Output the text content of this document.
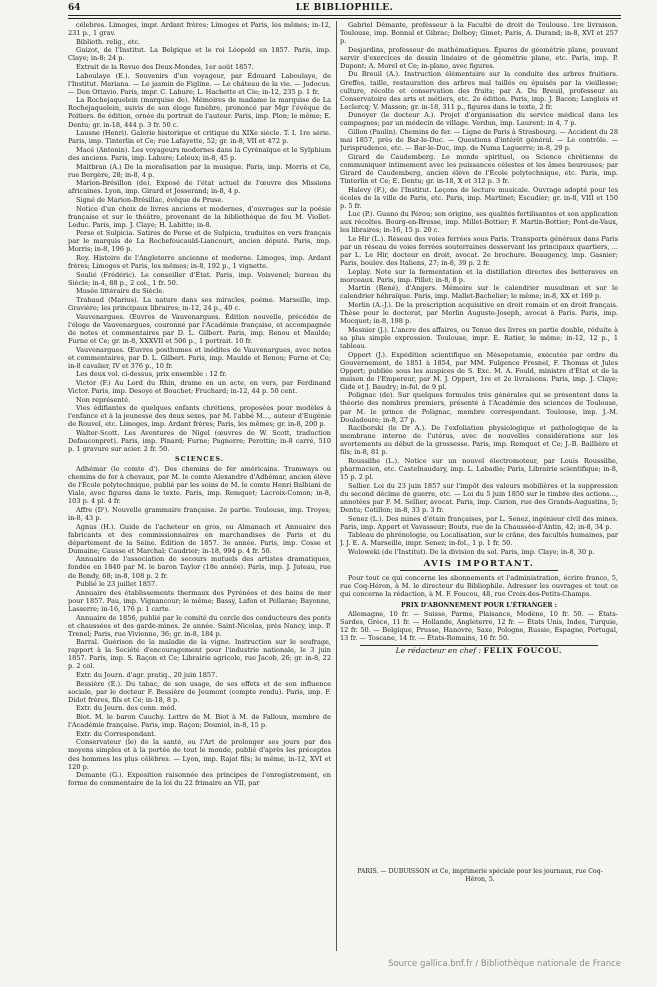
64	LE BIBLIOPHILE.
célebres. Limoges, impr. Ardant frères; Limoges et Paris, les mêmes; in-12, 231 p., 1 grav.
Biblioth. relig., etc.
Guizot, de l'Institut. La Belgique et le roi Léopold en 1857. Paris, imp. Claye; in-8; 24 p.
Extrait de la Revue des Deux-Mondes, 1er août 1857.
Laboulaye (E.). Souvenirs d'un voyageur, par Édouard Laboulaye, de l'Institut. Mariana. — Le jasmin de Figline. — Le château de la vie. — Jodocus. — Don Ottavio. Paris, impr. C. Lahure; L. Hachette et Cie; in-12, 235 p. 1 fr.
La Rochejaquelein (marquise de). Mémoires de madame la marquise de La Rochejaquelein, suivis de son éloge funèbre, prononcé par Mgr l'évêque de Poitiers. 8e édition, ornée du portrait de l'auteur. Paris, imp. Plon; le même; E. Dentu; gr. in-18, 444 p. 3 fr. 50 c.
Lausne (Henri). Galerie historique et critique du XIXe siècle. T. I. 1re série. Paris, imp. Tinterlin et Ce; rue Lafayette, 52; gr. in-8, VII et 472 p.
Macé (Antonin). Les voyageurs modernes dans la Cyrénaïque et le Sylphium des anciens. Paris, imp. Lahure; Leleux; in-8, 45 p.
Maitbran (A.) De la moralisation par la musique. Paris, imp. Morris et Ce, rue Bergère, 28; in-8, 4 p.
Marion-Brésillon (de). Exposé de l'état actuel de l'œuvre des Missions africaines. Lyon, imp. Girard et Josserand; in-8, 4 p.
Signé de Marion-Brésillac, évêque de Pruse.
Notice d'un choix de livres anciens et modernes, d'ouvrages sur la poésie française et sur le théâtre, provenant de la bibliothèque de feu M. Viollet-Leduc. Paris, imp. J. Claye; H. Labitte; in-8.
Perse et Sulpicia. Satires de Perse et de Sulpicia, traduites en vers français par le marquis de La Rochefoucauld-Liancourt, ancien député. Paris, imp. Morris; in-8, 196 p.
Roy. Histoire de l'Angleterre ancienne et moderne. Limoges, imp. Ardant frères; Limoges et Paris, les mêmes; in-8, 192 p., 1 vignette.
Soulié (Frédéric). Le conseiller d'État. Paris, imp. Voisvenel; bureau du Siècle; in-4, 88 p., 2 col., 1 fr. 50.
Musée littéraire du Siècle.
Trabaud (Marius). La nature dans ses miracles, poème. Marseille, imp. Gravière; les principaux libraires; in-12, 24 p., 40 c.
Vauvenargues. Œuvres de Vauvenargues. Édition nouvelle, précédée de l'éloge de Vauvenargues, couronné par l'Académie française, et accompagnée de notes et commentaires par D. L. Gilbert. Paris, imp. Renou et Maulde; Furne et Ce; gr. in-8, XXXVII et 506 p., 1 portrait. 10 fr.
Vauvenargues. Œuvres posthumes et inédites de Vauvenargues, avec notes et commentaires, par D. L. Gilbert. Paris, imp. Maulde et Renou; Furne et Ce; in-8 cavalier, IV et 376 p., 10 fr.
Les deux vol. ci-dessus, prix ensemble : 12 fr.
Victor (F.) Au Lord du Rhin, drame en un acte, en vers, par Ferdinand Victor. Paris, imp. Desoye et Bouchet; Fruchard; in-12, 44 p. 50 cent.
Non représenté.
Vies édifiantes de quelques enfants chrétiens, proposées pour modèles à l'enfance et à la jeunesse des deux sexes, par M. l'abbé M..., auteur d'Eugénie de Rouvel, etc. Limoges, imp. Ardant frères; Paris, les mêmes; gr. in-8, 200 p.
Walter-Scott. Les Aventures de Nigel (œuvres de W. Scott, traduction Defauconpret). Paris, imp. Pinard; Furne; Pagnerre; Perottin; in-8 carré, 510 p. 1 gravure sur acier. 2 fr. 50.
SCIENCES.
Adhémar (le comte d'). Des chemins de fer américains. Tramways ou chemins de fer à chevaux, par M. le comte Alexandre d'Adhémar, ancien élève de l'École polytechnique, publié par les soins de M. le comte Henri Balbiani de Viale, avec figures dans le texte. Paris, imp. Remquet; Lacroix-Comon; in-8, 103 p. 4 pl. 4 fr.
Affre (D'). Nouvelle grammaire française. 2e partie. Toulouse, imp. Troyes; in-8, 43 p.
Agnus (H.). Guide de l'acheteur en gros, ou Almanach et Annuaire des fabricants et des commissionnaires en marchandises de Paris et du département de la Seine. Édition de 1857. 3e année. Paris, imp. Cosse et Dumaine; Causse et Marchal; Caudrier; in-18, 994 p. 4 fr. 50.
Annuaire de l'association de secours mutuels des artistes dramatiques, fondée en 1840 par M. le baron Taylor (18e année). Paris, imp. J. Juteau, rue de Bondy, 68; in-8, 108 p. 2 fr.
Publié le 23 juillet 1857.
Annuaire des établissements thermaux des Pyrénées et des bains de mer pour 1857. Pau, imp. Vignancour; le même; Bassy, Lafon et Pellarae; Bayonne, Lasserre; in-16, 176 p. 1 carte.
Annuaire de 1856, publié par le comité du cercle des conducteurs des ponts et chaussées et des garde-mines. 2e année. Saint-Nicolas, près Nancy, imp. P. Trenel; Paris, rue Vivienne, 36; gr. in-8, 184 p.
Barral. Guérison de la maladie de la vigne. Instruction sur le soufrage, rapport à la Société d'encouragement pour l'industrie nationale, le 3 juin 1857. Paris, imp. S. Raçon et Ce; Librairie agricole, rue Jacob, 26; gr. in-8, 22 p. 2 col.
Extr. du Journ. d'agr. pratiq., 20 juin 1857.
Bessière (E.). Du tabac, de son usage, de ses effets et de son influence sociale, par le docteur F. Bessière de Jeumont (compte rendu). Paris, imp. F. Didot frères, fils et Ce; in-18, 8 p.
Extr. du Journ. des conn. méd.
Biot. M. le baron Cauchy. Lettre de M. Biot à M. de Falloux, membre de l'Académie française. Paris, imp. Raçon; Douniol, in-8, 15 p.
Extr. du Correspondant.
Conservateur (le) de la santé, ou l'Art de prolonger ses jours par des moyens simples et à la portée de tout le monde, publié d'après les préceptes des hommes les plus célèbres. — Lyon, imp. Rajat fils; le même, in-12, XVI et 120 p.
Demante (G.). Exposition raisonnée des principes de l'enregistrement, en forme de commentaire de la loi du 22 frimaire an VII, par
Gabriel Démante, professeur à la Faculté de droit de Toulouse. 1re livraison. Toulouse, imp. Bonnal et Gibrac; Delboy; Gimet; Paris, A. Durand; in-8, XVI et 257 p.
Desjardins, professeur de mathématiques. Épures de géométrie plane, pouvant servir d'exercices de dessin linéaire et de géométrie plane, etc. Paris, imp. P. Dupont; A. Morel et Ce; in-plano, avec figures.
Du Breuil (A.). Instruction élémentaire sur la conduite des arbres fruitiers. Greffes, taille, restauration des arbres mal taillés ou épuisés par la vieillesse; culture, récolte et conservation des fruits; par A. Du Breuil, professeur au Conservatoire des arts et métiers, etc. 2e édition. Paris, imp. J. Bacon; Langlois et Leclercq; V. Masson; gr. in-18, 311 p., figures dans le texte, 2 fr.
Dunoyer (le docteur A.). Projet d'organisation du service médical dans les campagnes; par un médecin de village. Verdun, imp. Laurent; in 4, 7 p.
Gillon (Paulin). Chemins de fer. — Ligne de Paris à Strasbourg. — Accident du 28 mai 1857, près de Bar-le-Duc. — Questions d'intérêt général. — Le contrôle. — Jurisprudence, etc. — Bar-le-Duc, imp. de Numa Laguerre; in-8, 29 p.
Girard de Caudemberg. Le monde spirituel, ou Science chrétienne de communiquer intimement avec les puissances célestes et les âmes heureuses; par Girard de Caudemberg, ancien élève de l'École polytechnique, etc. Paris, imp. Tinterlin et Ce; E. Dentu; gr. in-18, X et 312 p. 3 fr.
Halevy (F.), de l'Institut. Leçons de lecture musicale. Ouvrage adopté pour les écoles de la ville de Paris, etc. Paris, imp. Martinet; Escudier; gr. in-8, VIII et 150 p. 5 fr.
Luc (P.). Guano du Pérou; son origine, ses qualités fertilisantes et son application aux récoltes. Bourg-en-Bresse, imp. Millet-Bottier; F. Martin-Bottier; Pont-de-Vaux, les libraires; in-16, 15 p. 20 c.
Le Hir (L.). Réseau des voies ferrées sous Paris. Transports généraux dans Paris par un réseau de voies ferrées souterraines desservant les principaux quartiers, ... par L. Le Hir, docteur en droit, avocat. 2e brochure. Beaugency, imp. Gasnier; Paris, boulev. des Italiens, 27; in-8, 39 p. 2 fr.
Leplay. Note sur la fermentation et la distillation directes des betteraves en morceaux. Paris, imp. Pillet; in-8, 8 p.
Martin (René), d'Angers. Mémoire sur le calendrier musulman et sur le calendrier hébraïque. Paris, imp. Mallet-Bachelier; le même; in-8, XX et 169 p.
Merlin (A.-J.). De la prescription acquisitive en droit romain et en droit français. Thèse pour le doctorat, par Merlin Auguste-Joseph, avocat à Paris. Paris, imp. Mocquet; in-8, 198 p.
Mesnier (J.). L'ancre des affaires, ou Tenue des livres en partie double, réduite à sa plus simple expression. Toulouse, impr. E. Ratier, le même; in-12, 12 p., 1 tableau.
Oppert (J.). Expédition scientifique en Mésopotamie, exécutée par ordre du Gouvernement, de 1851 à 1854, par MM. Fulgence Fresnel, F. Thomas et Jules Oppert; publiée sous les auspices de S. Exc. M. A. Fould, ministre d'État et de la maison de l'Empereur, par M. J. Oppert, 1re et 2e livraisons. Paris, imp. J. Claye; Gide et J. Baudry; in-fol. de 9 pl.
Polignac (de). Sur quelques formules très générales qui se présentent dans la théorie des nombres premiers, présenté à l'Académie des sciences de Toulouse, par M. le prince de Polignac, membre correspondant. Toulouse, imp. J.-M. Douladoure; in-8, 27 p.
Raciborski (le Dr A.). De l'exfoliation physiologique et pathologique de la membrane interne de l'utérus, avec de nouvelles considérations sur les avortements au début de la grossesse. Paris, imp. Remquet et Ce; J.-B. Baillière et fils; in-8, 81 p.
Roussilhe (L.). Notice sur un nouvel électromoteur, par Louis Roussilhe, pharmacien, etc. Castelnaudary, imp. L. Labadie; Paris, Librairie scientifique; in-8, 15 p. 2 pl.
Sellier. Loi du 23 juin 1857 sur l'impôt des valeurs mobilières et la suppression du second décime de guerre, etc. — Loi du 5 juin 1850 sur le timbre des actions..., annotées par F. M. Sellier, avocat. Paris, imp. Carion, rue des Grands-Augustins, 5; Dentu; Cotillon; in-8, 33 p. 3 fr.
Senez (L.). Des mines d'étain françaises, par L. Senez, ingénieur civil des mines. Paris, imp. Appert et Vavasseur; Bouts, rue de la Chaussée-d'Antin, 42; in-8, 34 p.
Tableau de phrénologie, ou Localisation, sur le crâne, des facultés humaines, par J. J. E. A. Marseille, impr. Senez; in-fol., 1 p. 1 fr. 50.
Woloweki (de l'Institut). De la division du sol. Paris, imp. Claye; in-8, 30 p.
AVIS IMPORTANT.
Pour tout ce qui concerne les abonnements et l'administration, écrire franco, 5, rue Coq-Héron, à M. le directeur du Bibliophile. Adresser les ouvrages et tout ce qui concerne la rédaction, à M. F. Foucou, 48, rue Croix-des-Petits-Champs.
PRIX D'ABONNEMENT POUR L'ÉTRANGER :
Allemagne, 10 fr. — Suisse, Parme, Plaisance, Modène, 10 fr. 50. — États-Sardes, Grèce, 11 fr. — Hollande, Angleterre, 12 fr. — États Unis, Indes, Turquie, 12 fr. 50. — Belgique, Prusse, Hanovre, Saxe, Pologne, Russie, Espagne, Portugal, 13 fr. — Toscane, 14 fr. — États-Romains, 16 fr. 50.
Le rédacteur en chef : FELIX FOUCOU.
PARIS. — DUBUISSON et Ce, imprimerie spéciale pour les journaux, rue Coq-Héron, 5.
Source gallica.bnf.fr / Bibliothèque nationale de France
